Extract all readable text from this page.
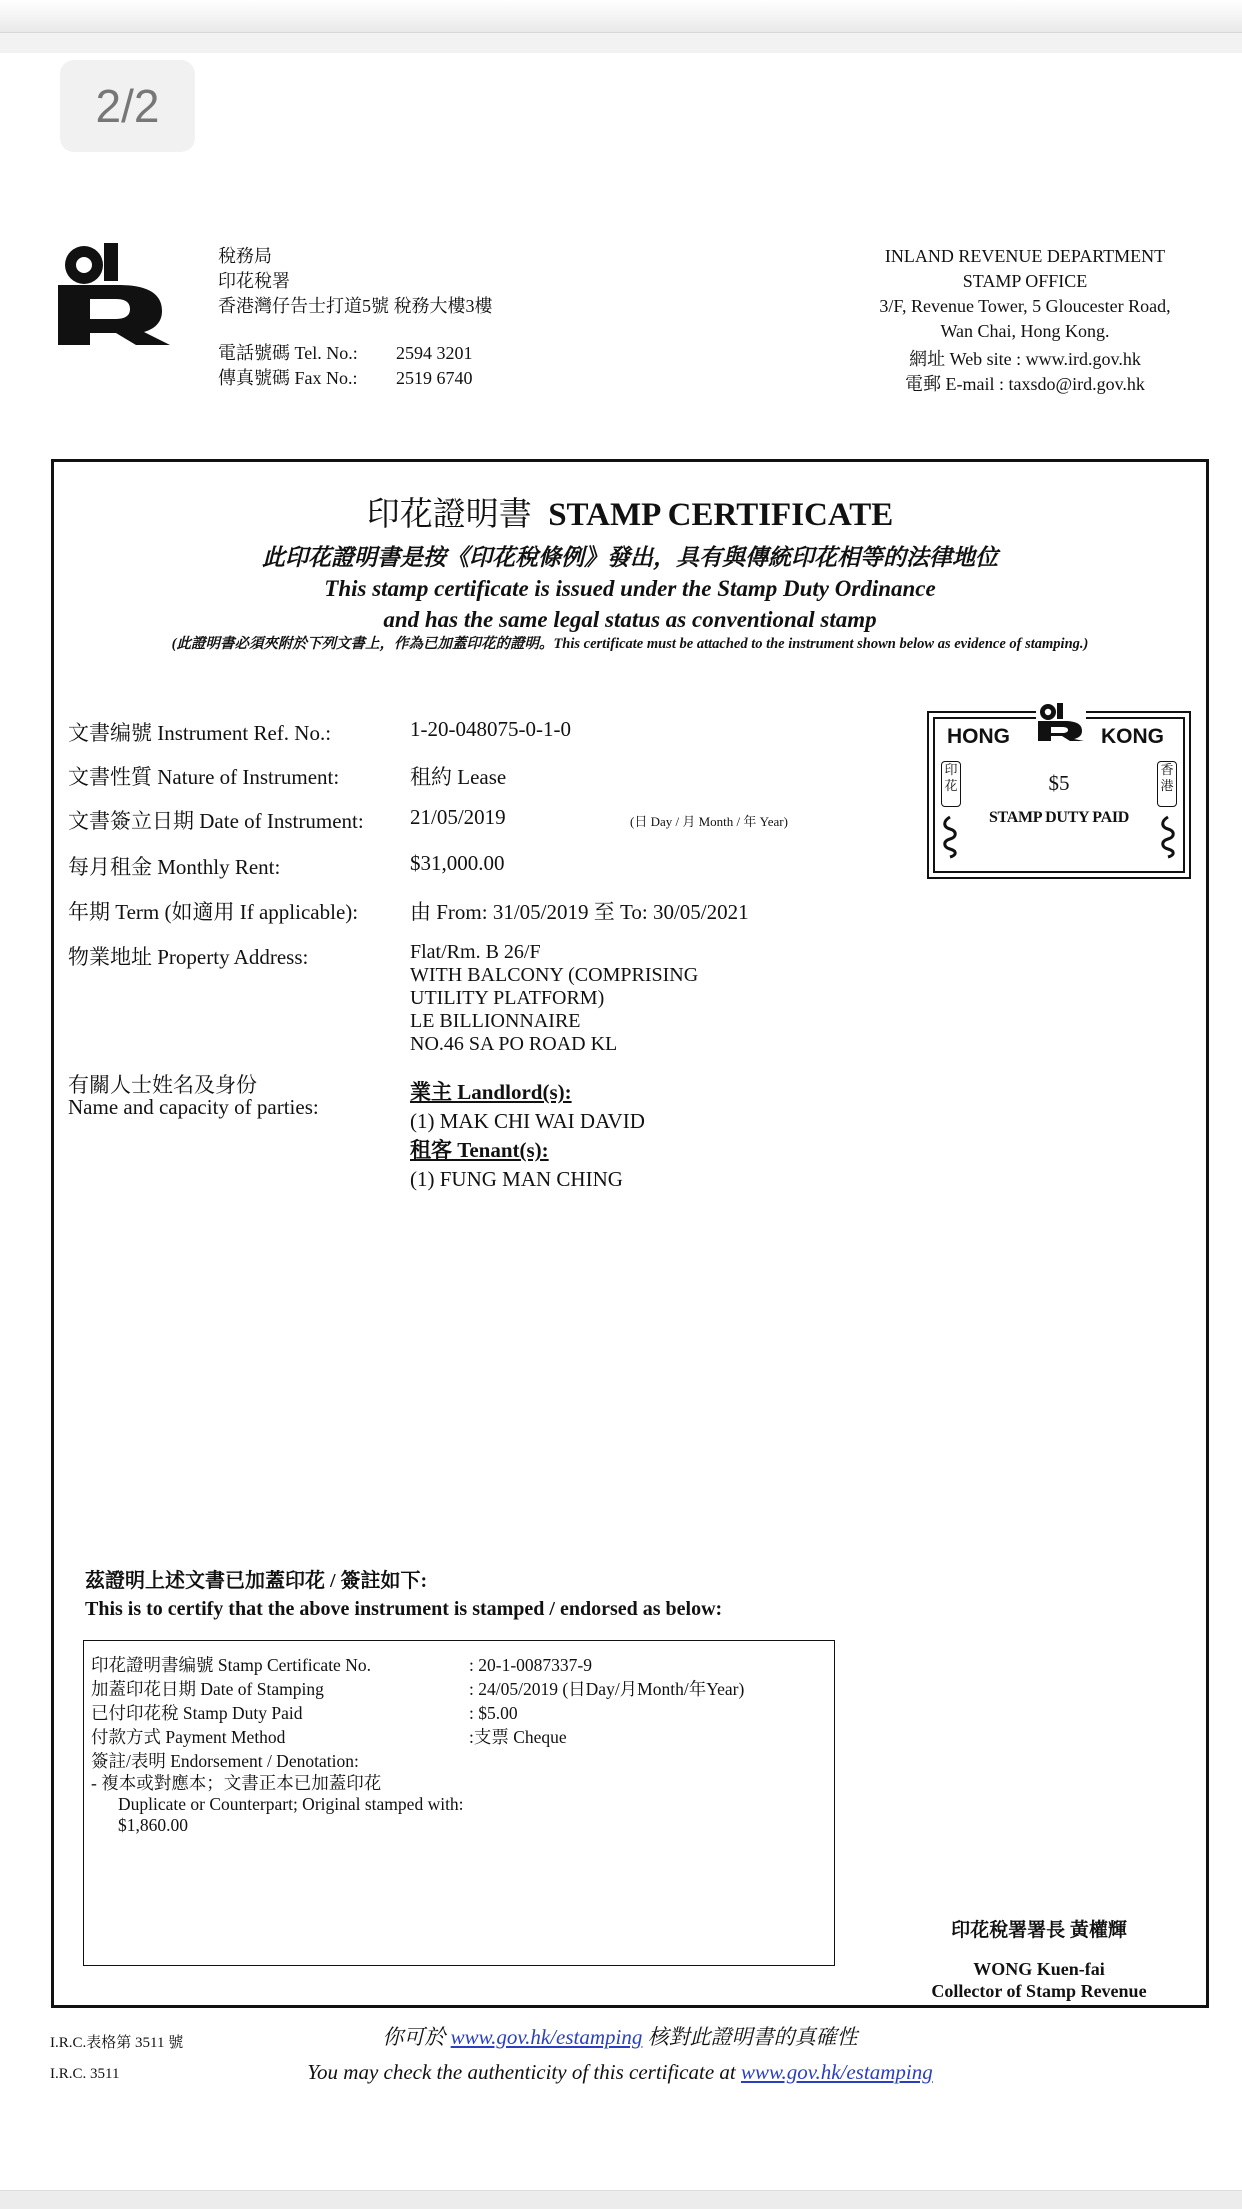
2/2
稅務局
印花稅署
香港灣仔告士打道5號 稅務大樓3樓
電話號碼 Tel. No.:	2594 3201
傳真號碼 Fax No.:	2519 6740
INLAND REVENUE DEPARTMENT
STAMP OFFICE
3/F, Revenue Tower, 5 Gloucester Road,
Wan Chai, Hong Kong.
網址 Web site : www.ird.gov.hk
電郵 E-mail : taxsdo@ird.gov.hk
印花證明書 STAMP CERTIFICATE
此印花證明書是按《印花稅條例》發出，具有與傳統印花相等的法律地位
This stamp certificate is issued under the Stamp Duty Ordinance
and has the same legal status as conventional stamp
(此證明書必須夾附於下列文書上，作為已加蓋印花的證明。This certificate must be attached to the instrument shown below as evidence of stamping.)
文書编號 Instrument Ref. No.:	1-20-048075-0-1-0
文書性質 Nature of Instrument:	租約 Lease
文書簽立日期 Date of Instrument: 21/05/2019	(日 Day / 月 Month / 年 Year)
每月租金 Monthly Rent:	$31,000.00
年期 Term (如適用 If applicable): 由 From: 31/05/2019 至 To: 30/05/2021
物業地址 Property Address:	Flat/Rm. B 26/F
WITH BALCONY (COMPRISING
UTILITY PLATFORM)
LE BILLIONNAIRE
NO.46 SA PO ROAD KL
有關人士姓名及身份
Name and capacity of parties:
業主 Landlord(s):
(1) MAK CHI WAI DAVID
租客 Tenant(s):
(1) FUNG MAN CHING
HONG	KONG
印花
香港
$5
STAMP DUTY PAID
茲證明上述文書已加蓋印花 / 簽註如下:
This is to certify that the above instrument is stamped / endorsed as below:
印花證明書编號 Stamp Certificate No.	: 20-1-0087337-9
加蓋印花日期 Date of Stamping	: 24/05/2019 (日Day/月Month/年Year)
已付印花稅 Stamp Duty Paid	: $5.00
付款方式 Payment Method	:支票 Cheque
簽註/表明 Endorsement / Denotation:
- 複本或對應本；文書正本已加蓋印花
Duplicate or Counterpart; Original stamped with:
$1,860.00
印花稅署署長 黃權輝
WONG Kuen-fai
Collector of Stamp Revenue
I.R.C.表格第 3511 號
I.R.C. 3511
你可於 www.gov.hk/estamping 核對此證明書的真確性
You may check the authenticity of this certificate at www.gov.hk/estamping
